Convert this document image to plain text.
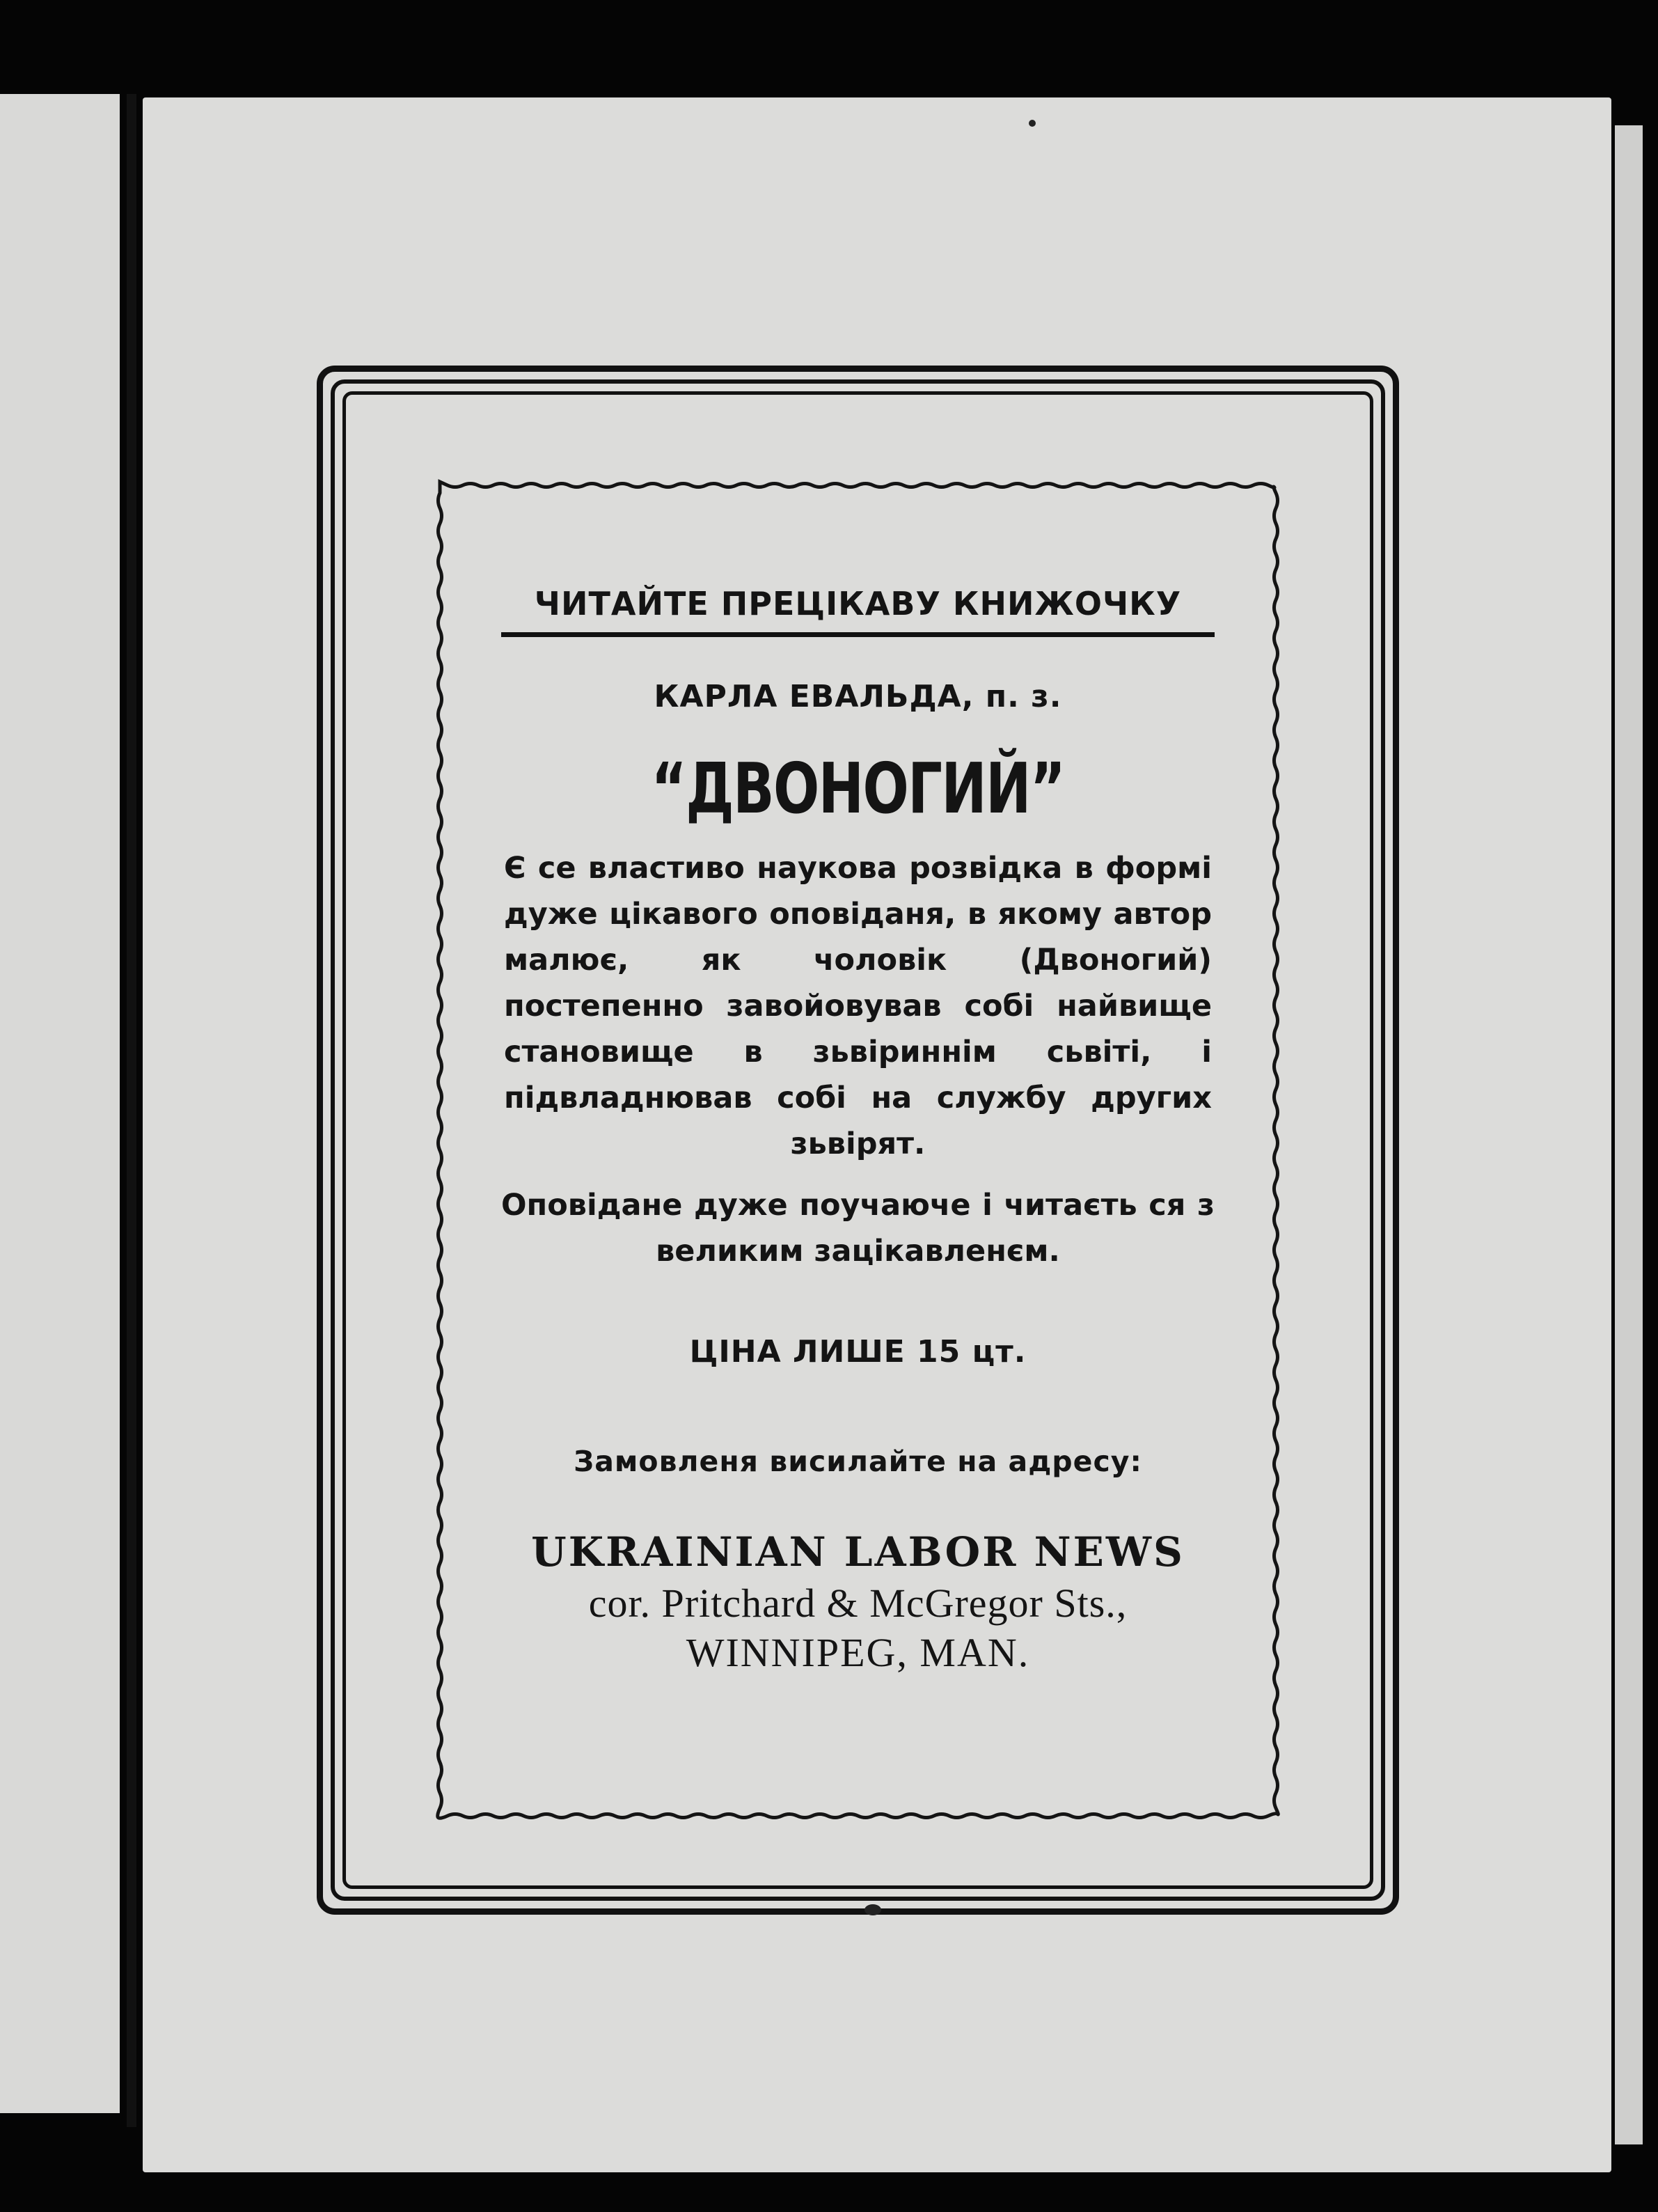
ЧИТАЙТЕ ПРЕЦІКАВУ КНИЖОЧКУ
КАРЛА ЕВАЛЬДА, п. з.
“ДВОНОГИЙ”
Є се властиво наукова розвідка в формі дуже цікавого оповіданя, в якому автор малює, як чоловік (Двоногий) постепенно завойовував собі найвище становище в зьвіриннім сьвіті, і підвладнював собі на службу других зьвірят.
Оповідане дуже поучаюче і читаєть ся з великим зацікавленєм.
ЦІНА ЛИШЕ 15 цт.
Замовленя висилайте на адресу:
UKRAINIAN LABOR NEWS
cor. Pritchard & McGregor Sts.,
WINNIPEG, MAN.
